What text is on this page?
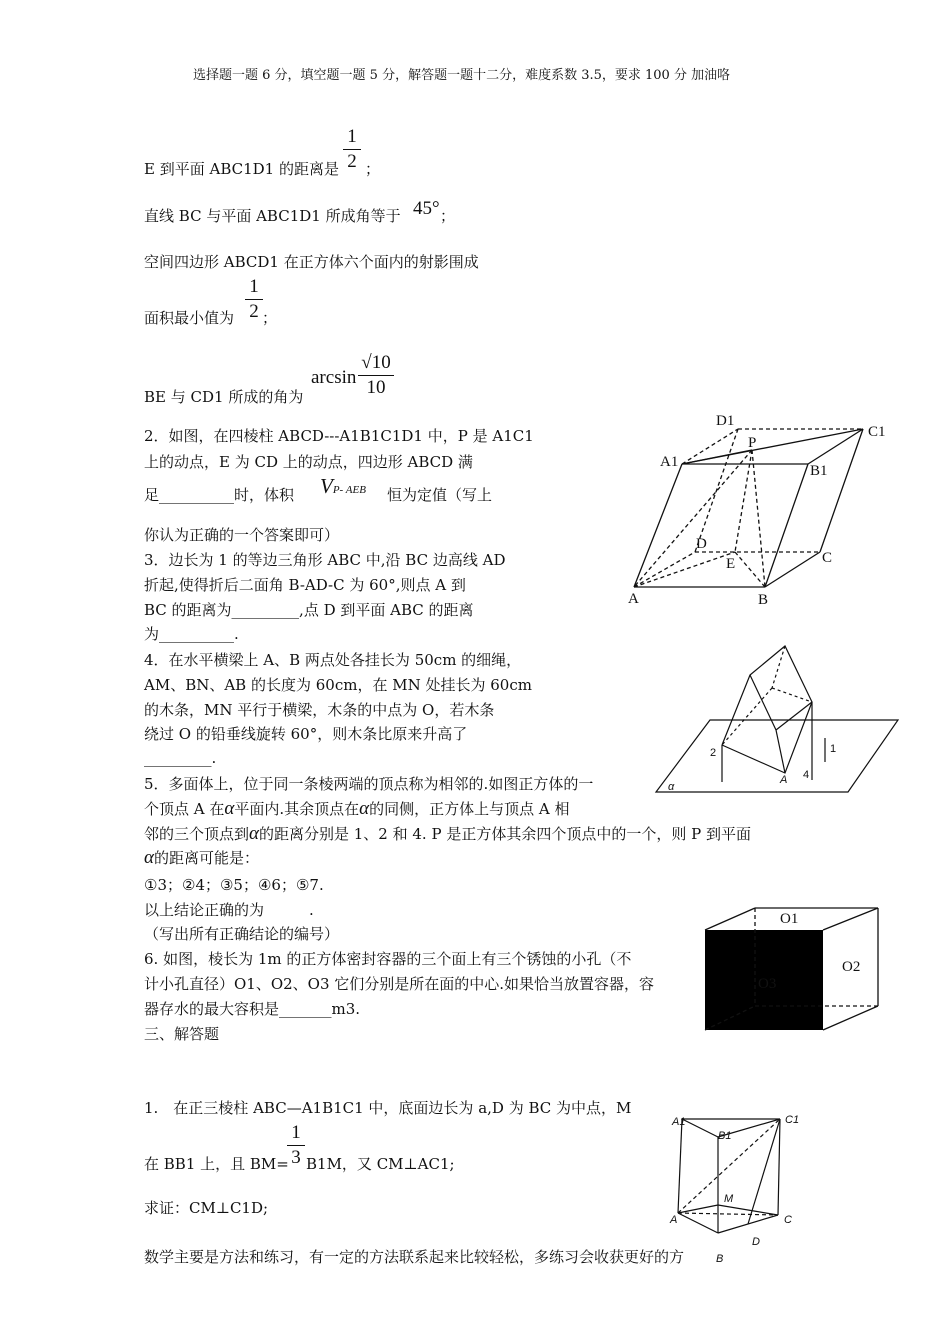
选择题一题 6 分，填空题一题 5 分，解答题一题十二分，难度系数 3.5，要求 100 分 加油咯
E 到平面 ABC1D1 的距离是
1
2 ；
直线 BC 与平面 ABC1D1 所成角等于 45° ；
空间四边形 ABCD1 在正方体六个面内的射影围成
面积最小值为
1
2 ；
BE 与 CD1 所成的角为
arcsin
√10
10
2．如图，在四棱柱 ABCD---A1B1C1D1 中，P 是 A1C1
上的动点，E 为 CD 上的动点，四边形 ABCD 满
足__________时，体积 VP- AEB 恒为定值（写上
你认为正确的一个答案即可）
3．边长为 1 的等边三角形 ABC 中,沿 BC 边高线 AD
折起,使得折后二面角 B-AD-C 为 60°,则点 A 到
BC 的距离为_________,点 D 到平面 ABC 的距离
为__________.
4．在水平横梁上 A、B 两点处各挂长为 50cm 的细绳，
AM、BN、AB 的长度为 60cm，在 MN 处挂长为 60cm
的木条，MN 平行于横梁，木条的中点为 O，若木条
绕过 O 的铅垂线旋转 60°，则木条比原来升高了
_________.
5．多面体上，位于同一条棱两端的顶点称为相邻的.如图正方体的一
个顶点 A 在α平面内.其余顶点在α的同侧，正方体上与顶点 A 相
邻的三个顶点到α的距离分别是 1、2 和 4. P 是正方体其余四个顶点中的一个，则 P 到平面
α的距离可能是：
①3；②4；③5；④6；⑤7.
以上结论正确的为　　　.
（写出所有正确结论的编号）
6. 如图，棱长为 1m 的正方体密封容器的三个面上有三个锈蚀的小孔（不
计小孔直径）O1、O2、O3 它们分别是所在面的中心.如果恰当放置容器，容
器存水的最大容积是_______m3.
三、解答题
1.　在正三棱柱 ABC—A1B1C1 中，底面边长为 a,D 为 BC 为中点，M
在 BB1 上，且 BM=
1
3 B1M，又 CM⊥AC1;
求证：CM⊥C1D;
数学主要是方法和练习，有一定的方法联系起来比较轻松，多练习会收获更好的方
D1
C1
P
A1
B1
D
E	C
A	B
2	1
4
A
α
O1
O2
O3
A1
B1
C1
M
A	C
D
B
